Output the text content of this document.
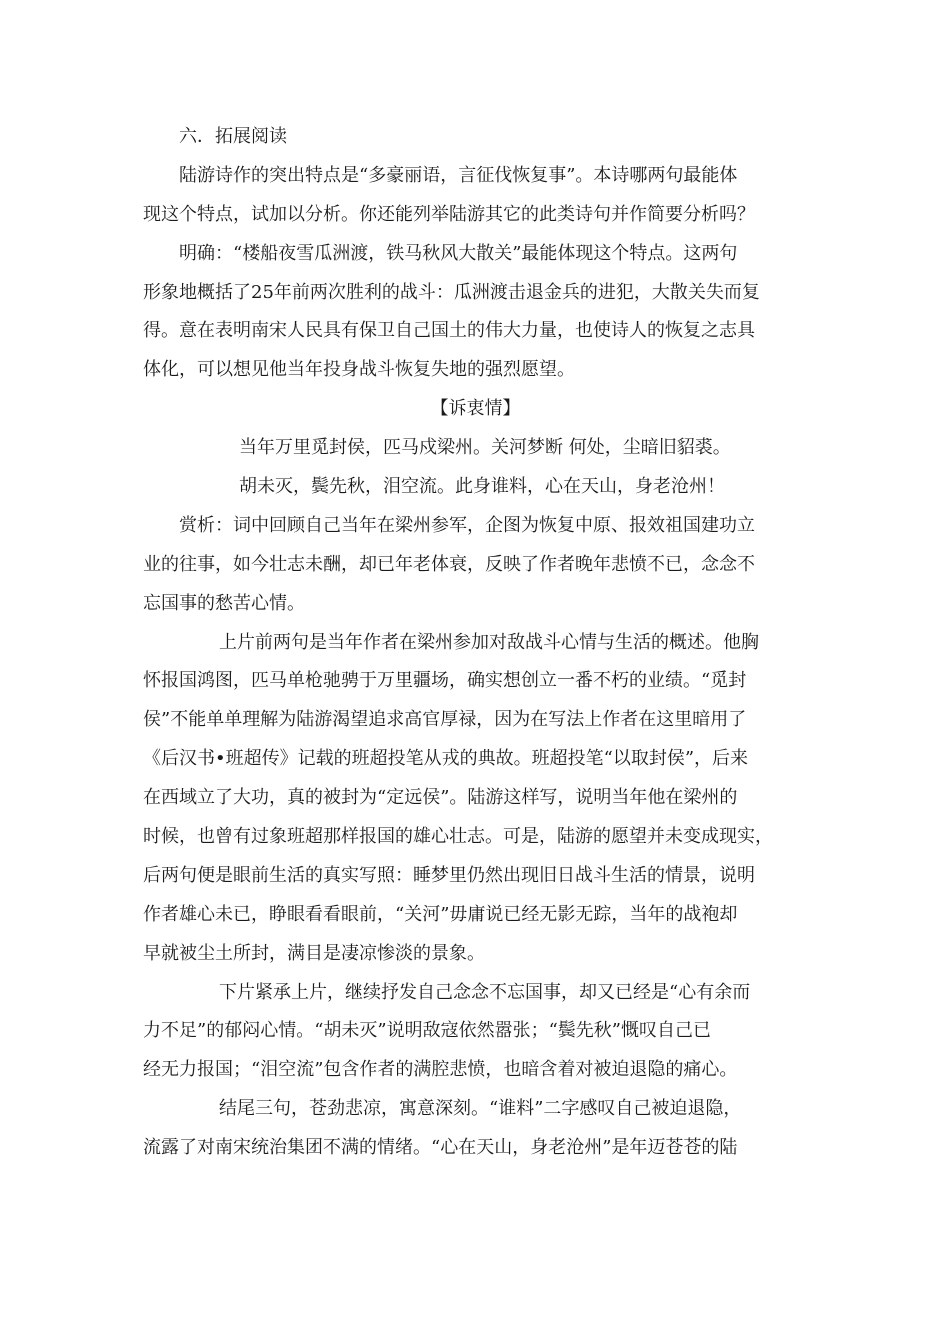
六．拓展阅读
陆游诗作的突出特点是“多豪丽语，言征伐恢复事”。本诗哪两句最能体
现这个特点，试加以分析。你还能列举陆游其它的此类诗句并作简要分析吗？
明确：“楼船夜雪瓜洲渡，铁马秋风大散关”最能体现这个特点。这两句
形象地概括了25年前两次胜利的战斗：瓜洲渡击退金兵的进犯，大散关失而复
得。意在表明南宋人民具有保卫自己国土的伟大力量，也使诗人的恢复之志具
体化，可以想见他当年投身战斗恢复失地的强烈愿望。
【诉衷情】
当年万里觅封侯，匹马戍梁州。关河梦断 何处，尘暗旧貂裘。
胡未灭，鬓先秋，泪空流。此身谁料，心在天山，身老沧州！
赏析：词中回顾自己当年在梁州参军，企图为恢复中原、报效祖国建功立
业的往事，如今壮志未酬，却已年老体衰，反映了作者晚年悲愤不已，念念不
忘国事的愁苦心情。
上片前两句是当年作者在梁州参加对敌战斗心情与生活的概述。他胸
怀报国鸿图，匹马单枪驰骋于万里疆场，确实想创立一番不朽的业绩。“觅封
侯”不能单单理解为陆游渴望追求高官厚禄，因为在写法上作者在这里暗用了
《后汉书•班超传》记载的班超投笔从戎的典故。班超投笔“以取封侯”，后来
在西域立了大功，真的被封为“定远侯”。陆游这样写，说明当年他在梁州的
时候，也曾有过象班超那样报国的雄心壮志。可是，陆游的愿望并未变成现实，
后两句便是眼前生活的真实写照：睡梦里仍然出现旧日战斗生活的情景，说明
作者雄心未已，睁眼看看眼前，“关河”毋庸说已经无影无踪，当年的战袍却
早就被尘土所封，满目是凄凉惨淡的景象。
下片紧承上片，继续抒发自己念念不忘国事，却又已经是“心有余而
力不足”的郁闷心情。“胡未灭”说明敌寇依然嚣张；“鬓先秋”慨叹自己已
经无力报国；“泪空流”包含作者的满腔悲愤，也暗含着对被迫退隐的痛心。
结尾三句，苍劲悲凉，寓意深刻。“谁料”二字感叹自己被迫退隐，
流露了对南宋统治集团不满的情绪。“心在天山，身老沧州”是年迈苍苍的陆
